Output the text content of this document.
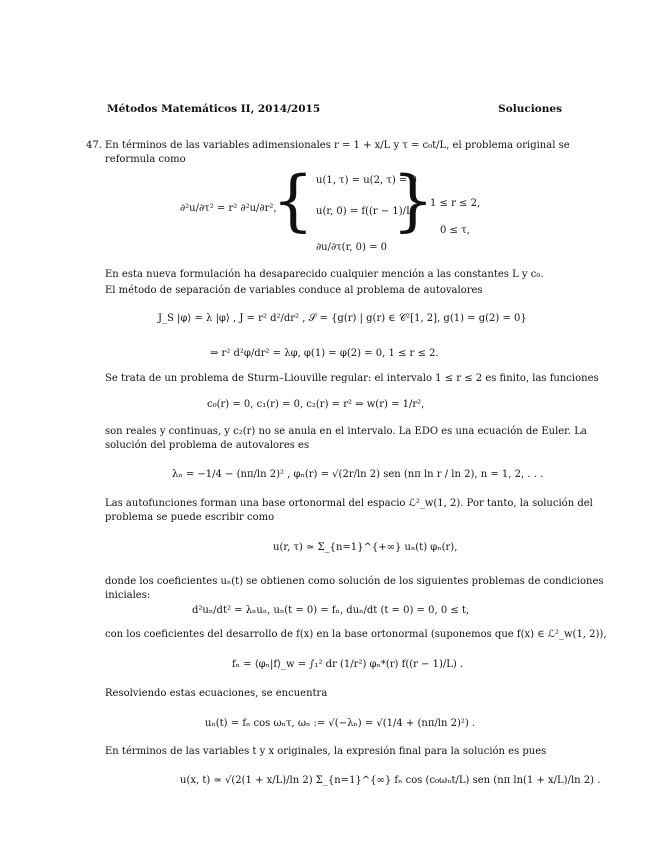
Métodos Matemáticos II, 2014/2015	Soluciones
47. En términos de las variables adimensionales r = 1 + x/L y τ = c₀t/L, el problema original se
reformula como
∂²u/∂τ² = r² ∂²u/∂r²,
{ u(1, τ) = u(2, τ) = 0
u(r, 0) = f((r − 1)/L)
∂u/∂τ(r, 0) = 0
}
1 ≤ r ≤ 2,
0 ≤ τ,
En esta nueva formulación ha desaparecido cualquier mención a las constantes L y c₀.
El método de separación de variables conduce al problema de autovalores
J_S |φ⟩ = λ |φ⟩ , J = r² d²/dr² , 𝒮 = {g(r) | g(r) ∈ 𝒞²[1, 2], g(1) = g(2) = 0}
⇒ r² d²φ/dr² = λφ, φ(1) = φ(2) = 0, 1 ≤ r ≤ 2.
Se trata de un problema de Sturm–Liouville regular: el intervalo 1 ≤ r ≤ 2 es finito, las funciones
c₀(r) = 0, c₁(r) = 0, c₂(r) = r² ⇒ w(r) = 1/r²,
son reales y continuas, y c₂(r) no se anula en el intervalo. La EDO es una ecuación de Euler. La
solución del problema de autovalores es
λₙ = −1/4 − (nπ/ln 2)² , φₙ(r) = √(2r/ln 2) sen (nπ ln r / ln 2), n = 1, 2, . . .
Las autofunciones forman una base ortonormal del espacio ℒ²_w(1, 2). Por tanto, la solución del
problema se puede escribir como
u(r, τ) ≃ Σ_{n=1}^{+∞} uₙ(t) φₙ(r),
donde los coeficientes uₙ(t) se obtienen como solución de los siguientes problemas de condiciones
iniciales:
d²uₙ/dt² = λₙuₙ, uₙ(t = 0) = fₙ, duₙ/dt (t = 0) = 0, 0 ≤ t,
con los coeficientes del desarrollo de f(x) en la base ortonormal (suponemos que f(x) ∈ ℒ²_w(1, 2)),
fₙ = ⟨φₙ|f⟩_w = ∫₁² dr (1/r²) φₙ*(r) f((r − 1)/L) .
Resolviendo estas ecuaciones, se encuentra
uₙ(t) = fₙ cos ωₙτ, ωₙ := √(−λₙ) = √(1/4 + (nπ/ln 2)²) .
En términos de las variables t y x originales, la expresión final para la solución es pues
u(x, t) ≃ √(2(1 + x/L)/ln 2) Σ_{n=1}^{∞} fₙ cos (c₀ωₙt/L) sen (nπ ln(1 + x/L)/ln 2) .
